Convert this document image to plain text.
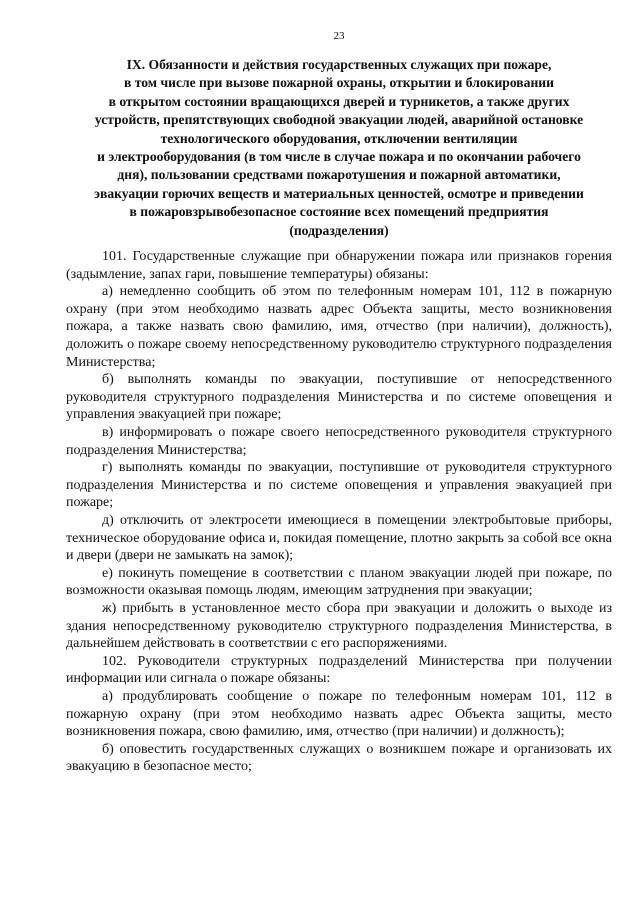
23
IX. Обязанности и действия государственных служащих при пожаре,
в том числе при вызове пожарной охраны, открытии и блокировании
в открытом состоянии вращающихся дверей и турникетов, а также других
устройств, препятствующих свободной эвакуации людей, аварийной остановке
технологического оборудования, отключении вентиляции
и электрооборудования (в том числе в случае пожара и по окончании рабочего
дня), пользовании средствами пожаротушения и пожарной автоматики,
эвакуации горючих веществ и материальных ценностей, осмотре и приведении
в пожаровзрывобезопасное состояние всех помещений предприятия
(подразделения)

101. Государственные служащие при обнаружении пожара или признаков горения (задымление, запах гари, повышение температуры) обязаны:

а) немедленно сообщить об этом по телефонным номерам 101, 112 в пожарную охрану (при этом необходимо назвать адрес Объекта защиты, место возникновения пожара, а также назвать свою фамилию, имя, отчество (при наличии), должность), доложить о пожаре своему непосредственному руководителю структурного подразделения Министерства;

б) выполнять команды по эвакуации, поступившие от непосредственного руководителя структурного подразделения Министерства и по системе оповещения и управления эвакуацией при пожаре;

в) информировать о пожаре своего непосредственного руководителя структурного подразделения Министерства;

г) выполнять команды по эвакуации, поступившие от руководителя структурного подразделения Министерства и по системе оповещения и управления эвакуацией при пожаре;

д) отключить от электросети имеющиеся в помещении электробытовые приборы, техническое оборудование офиса и, покидая помещение, плотно закрыть за собой все окна и двери (двери не замыкать на замок);

е) покинуть помещение в соответствии с планом эвакуации людей при пожаре, по возможности оказывая помощь людям, имеющим затруднения при эвакуации;

ж) прибыть в установленное место сбора при эвакуации и доложить о выходе из здания непосредственному руководителю структурного подразделения Министерства, в дальнейшем действовать в соответствии с его распоряжениями.

102. Руководители структурных подразделений Министерства при получении информации или сигнала о пожаре обязаны:

а) продублировать сообщение о пожаре по телефонным номерам 101, 112 в пожарную охрану (при этом необходимо назвать адрес Объекта защиты, место возникновения пожара, свою фамилию, имя, отчество (при наличии) и должность);

б) оповестить государственных служащих о возникшем пожаре и организовать их эвакуацию в безопасное место;
